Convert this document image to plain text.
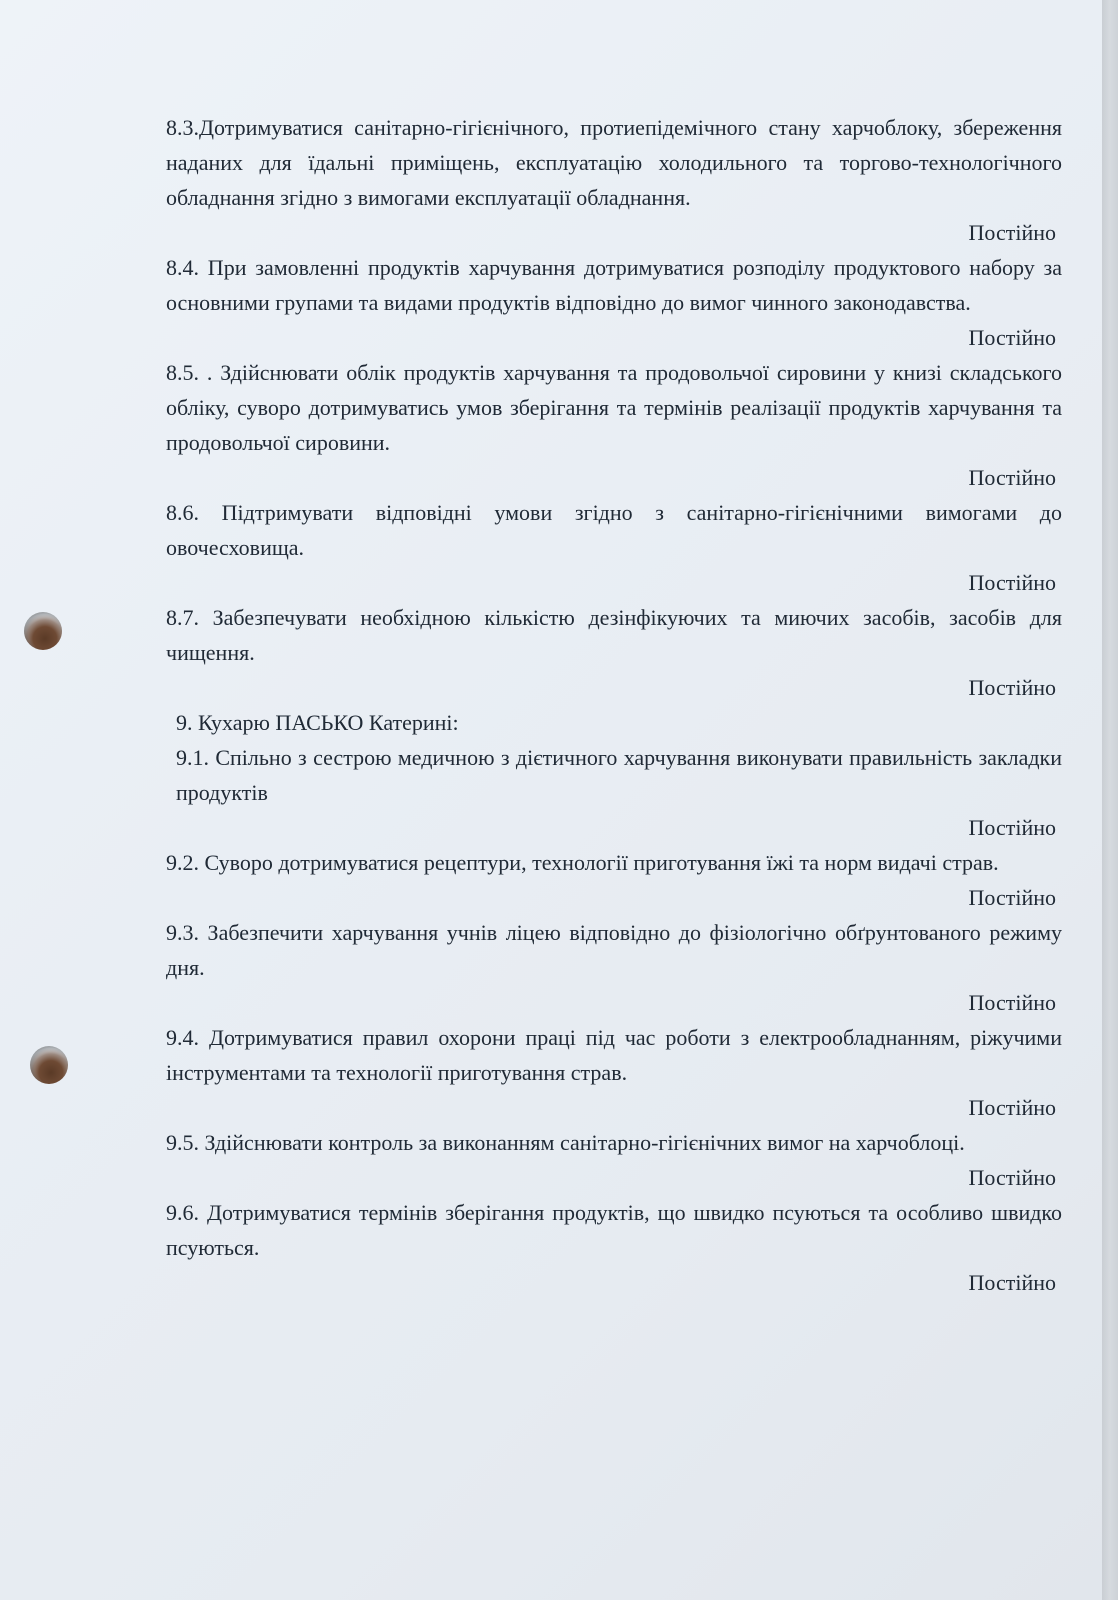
8.3.Дотримуватися санітарно-гігієнічного, протиепідемічного стану харчоблоку, збереження наданих для їдальні приміщень, експлуатацію холодильного та торгово-технологічного обладнання згідно з вимогами експлуатації обладнання.

Постійно

8.4. При замовленні продуктів харчування дотримуватися розподілу продуктового набору за основними групами та видами продуктів відповідно до вимог чинного законодавства.

Постійно

8.5. . Здійснювати облік продуктів харчування та продовольчої сировини у книзі складського обліку, суворо дотримуватись умов зберігання та термінів реалізації продуктів харчування та продовольчої сировини.

Постійно

8.6. Підтримувати відповідні умови згідно з санітарно-гігієнічними вимогами до овочесховища.

Постійно

8.7. Забезпечувати необхідною кількістю дезінфікуючих та миючих засобів, засобів для чищення.

Постійно

9. Кухарю ПАСЬКО Катерині:

9.1. Спільно з сестрою медичною з дієтичного харчування виконувати правильність закладки продуктів

Постійно

9.2. Суворо дотримуватися рецептури, технології приготування їжі та норм видачі страв.

Постійно

9.3. Забезпечити харчування учнів ліцею відповідно до фізіологічно обґрунтованого режиму дня.

Постійно

9.4. Дотримуватися правил охорони праці під час роботи з електрообладнанням, ріжучими інструментами та технології приготування страв.

Постійно

9.5. Здійснювати контроль за виконанням санітарно-гігієнічних вимог на харчоблоці.

Постійно

9.6. Дотримуватися термінів зберігання продуктів, що швидко псуються та особливо швидко псуються.

Постійно
